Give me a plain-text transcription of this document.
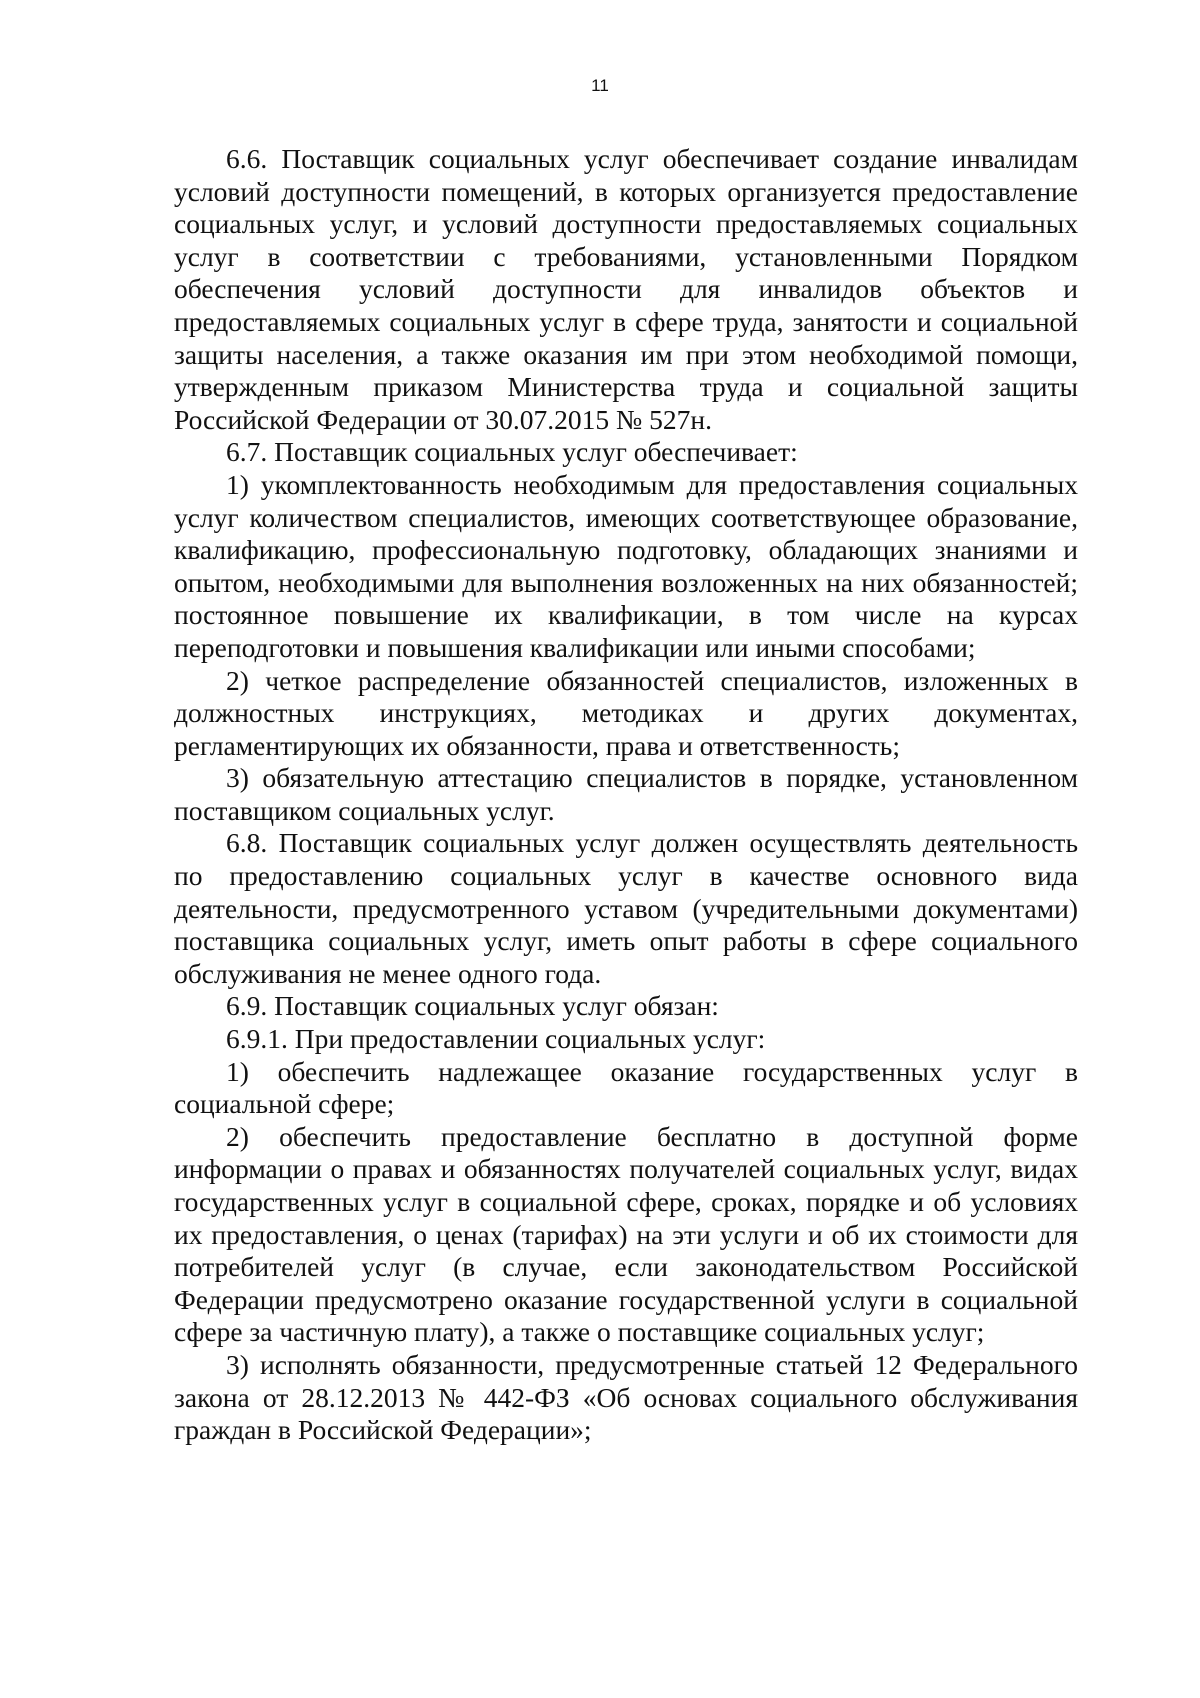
11

6.6. Поставщик социальных услуг обеспечивает создание инвалидам условий доступности помещений, в которых организуется предоставление социальных услуг, и условий доступности предоставляемых социальных услуг в соответствии с требованиями, установленными Порядком обеспечения условий доступности для инвалидов объектов и предоставляемых социальных услуг в сфере труда, занятости и социальной защиты населения, а также оказания им при этом необходимой помощи, утвержденным приказом Министерства труда и социальной защиты Российской Федерации от 30.07.2015 № 527н.

6.7. Поставщик социальных услуг обеспечивает:

1) укомплектованность необходимым для предоставления социальных услуг количеством специалистов, имеющих соответствующее образование, квалификацию, профессиональную подготовку, обладающих знаниями и опытом, необходимыми для выполнения возложенных на них обязанностей; постоянное повышение их квалификации, в том числе на курсах переподготовки и повышения квалификации или иными способами;

2) четкое распределение обязанностей специалистов, изложенных в должностных инструкциях, методиках и других документах, регламентирующих их обязанности, права и ответственность;

3) обязательную аттестацию специалистов в порядке, установленном поставщиком социальных услуг.

6.8. Поставщик социальных услуг должен осуществлять деятельность по предоставлению социальных услуг в качестве основного вида деятельности, предусмотренного уставом (учредительными документами) поставщика социальных услуг, иметь опыт работы в сфере социального обслуживания не менее одного года.

6.9. Поставщик социальных услуг обязан:

6.9.1. При предоставлении социальных услуг:

1) обеспечить надлежащее оказание государственных услуг в социальной сфере;

2) обеспечить предоставление бесплатно в доступной форме информации о правах и обязанностях получателей социальных услуг, видах государственных услуг в социальной сфере, сроках, порядке и об условиях их предоставления, о ценах (тарифах) на эти услуги и об их стоимости для потребителей услуг (в случае, если законодательством Российской Федерации предусмотрено оказание государственной услуги в социальной сфере за частичную плату), а также о поставщике социальных услуг;

3) исполнять обязанности, предусмотренные статьей 12 Федерального закона от 28.12.2013 № 442-ФЗ «Об основах социального обслуживания граждан в Российской Федерации»;
